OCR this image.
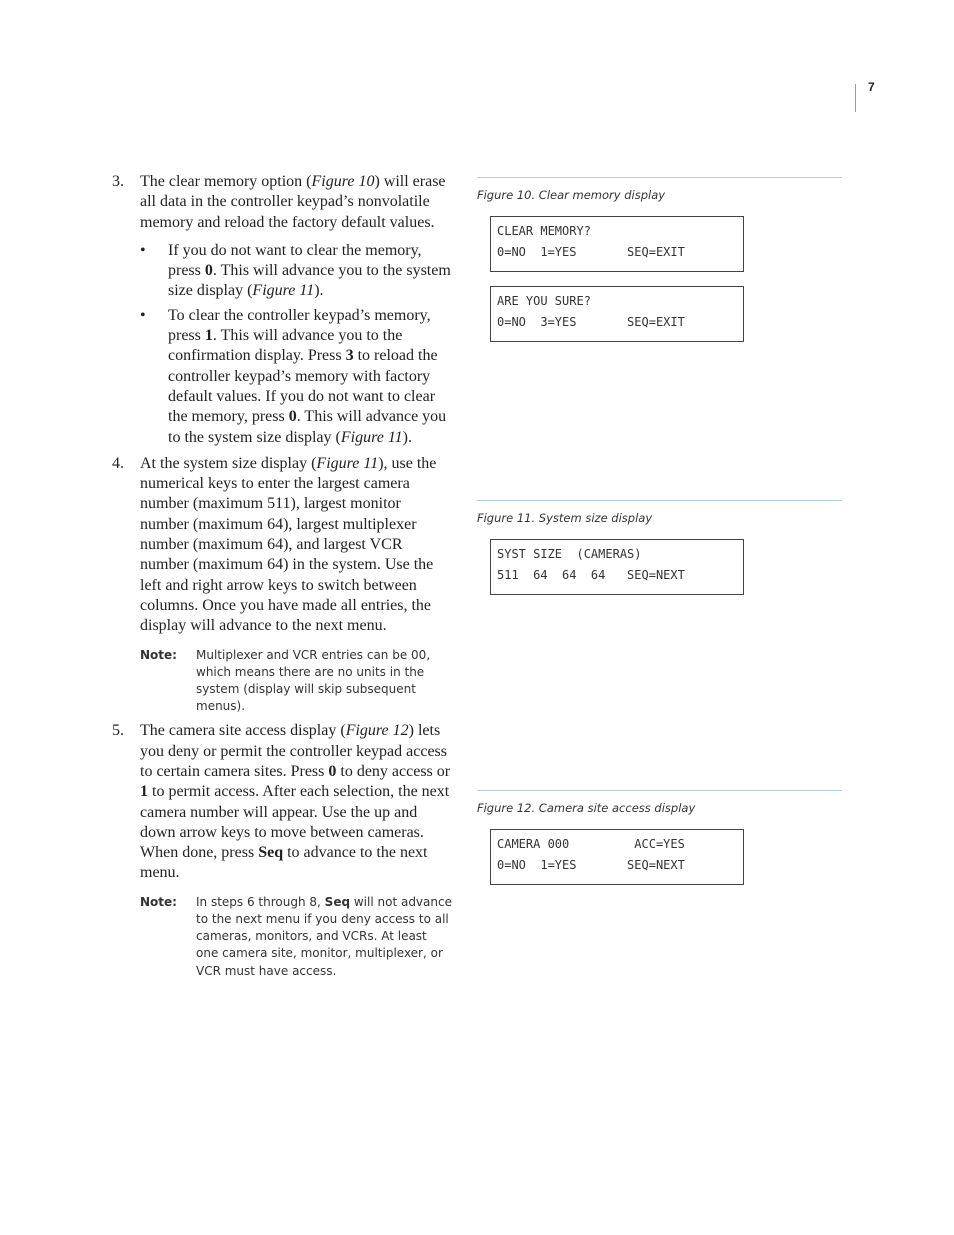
7
3. The clear memory option (Figure 10) will erase all data in the controller keypad’s nonvolatile memory and reload the factory default values.
• If you do not want to clear the memory, press 0. This will advance you to the system size display (Figure 11).
• To clear the controller keypad’s memory, press 1. This will advance you to the confirmation display. Press 3 to reload the controller keypad’s memory with factory default values. If you do not want to clear the memory, press 0. This will advance you to the system size display (Figure 11).
4. At the system size display (Figure 11), use the numerical keys to enter the largest camera number (maximum 511), largest monitor number (maximum 64), largest multiplexer number (maximum 64), and largest VCR number (maximum 64) in the system. Use the left and right arrow keys to switch between columns. Once you have made all entries, the display will advance to the next menu.
Note: Multiplexer and VCR entries can be 00, which means there are no units in the system (display will skip subsequent menus).
5. The camera site access display (Figure 12) lets you deny or permit the controller keypad access to certain camera sites. Press 0 to deny access or 1 to permit access. After each selection, the next camera number will appear. Use the up and down arrow keys to move between cameras. When done, press Seq to advance to the next menu.
Note: In steps 6 through 8, Seq will not advance to the next menu if you deny access to all cameras, monitors, and VCRs. At least one camera site, monitor, multiplexer, or VCR must have access.
Figure 10. Clear memory display
CLEAR MEMORY?
0=NO  1=YES       SEQ=EXIT
ARE YOU SURE?
0=NO  3=YES       SEQ=EXIT
Figure 11. System size display
SYST SIZE  (CAMERAS)
511  64  64  64   SEQ=NEXT
Figure 12. Camera site access display
CAMERA 000         ACC=YES
0=NO  1=YES       SEQ=NEXT
